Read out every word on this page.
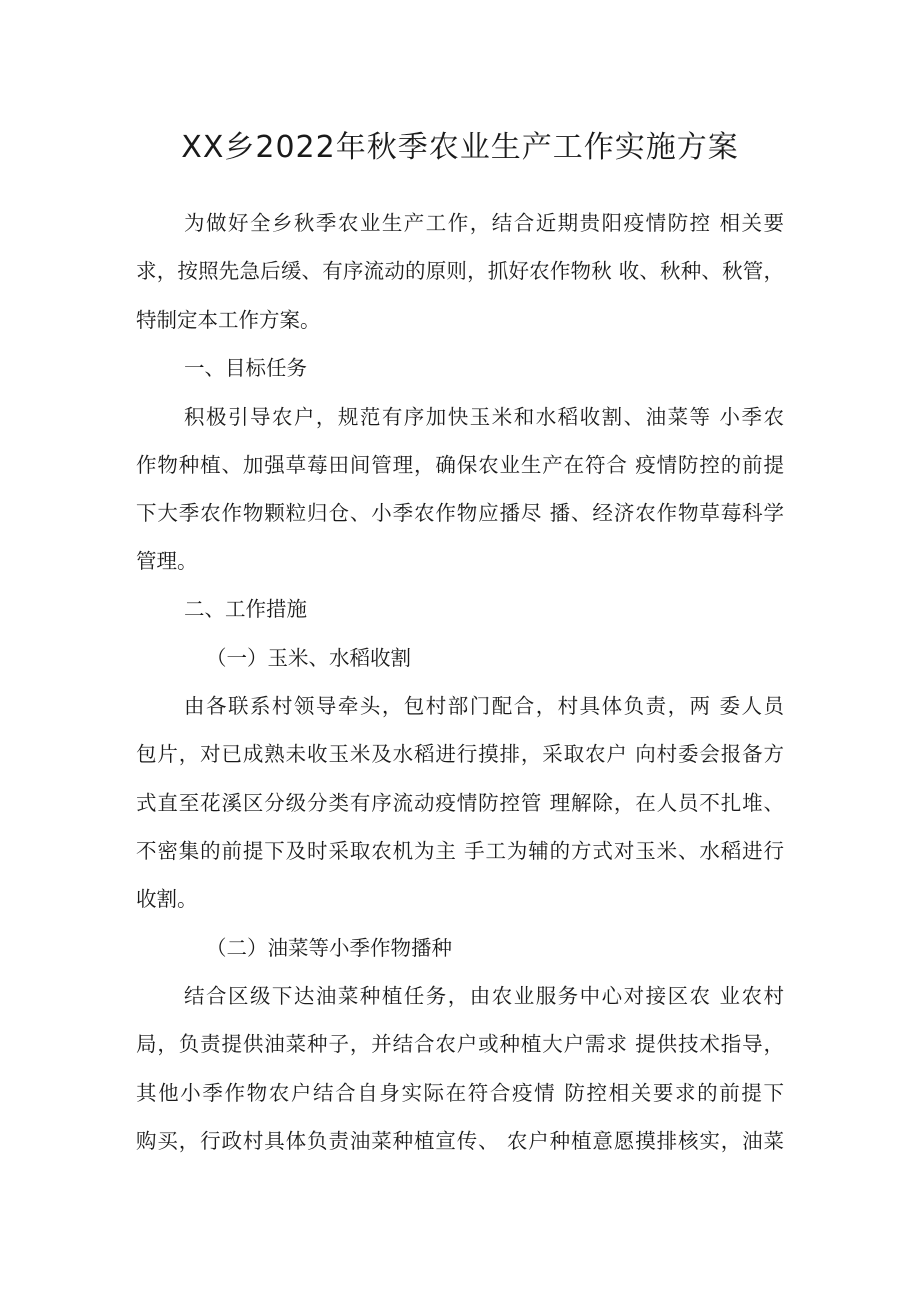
XX乡2022年秋季农业生产工作实施方案
为做好全乡秋季农业生产工作，结合近期贵阳疫情防控 相关要
求，按照先急后缓、有序流动的原则，抓好农作物秋 收、秋种、秋管，
特制定本工作方案。
一、目标任务
积极引导农户，规范有序加快玉米和水稻收割、油菜等 小季农
作物种植、加强草莓田间管理，确保农业生产在符合 疫情防控的前提
下大季农作物颗粒归仓、小季农作物应播尽 播、经济农作物草莓科学
管理。
二、工作措施
（一）玉米、水稻收割
由各联系村领导牵头，包村部门配合，村具体负责，两 委人员
包片，对已成熟未收玉米及水稻进行摸排，采取农户 向村委会报备方
式直至花溪区分级分类有序流动疫情防控管 理解除，在人员不扎堆、
不密集的前提下及时采取农机为主 手工为辅的方式对玉米、水稻进行
收割。
（二）油菜等小季作物播种
结合区级下达油菜种植任务，由农业服务中心对接区农 业农村
局，负责提供油菜种子，并结合农户或种植大户需求 提供技术指导，
其他小季作物农户结合自身实际在符合疫情 防控相关要求的前提下
购买，行政村具体负责油菜种植宣传、 农户种植意愿摸排核实，油菜
